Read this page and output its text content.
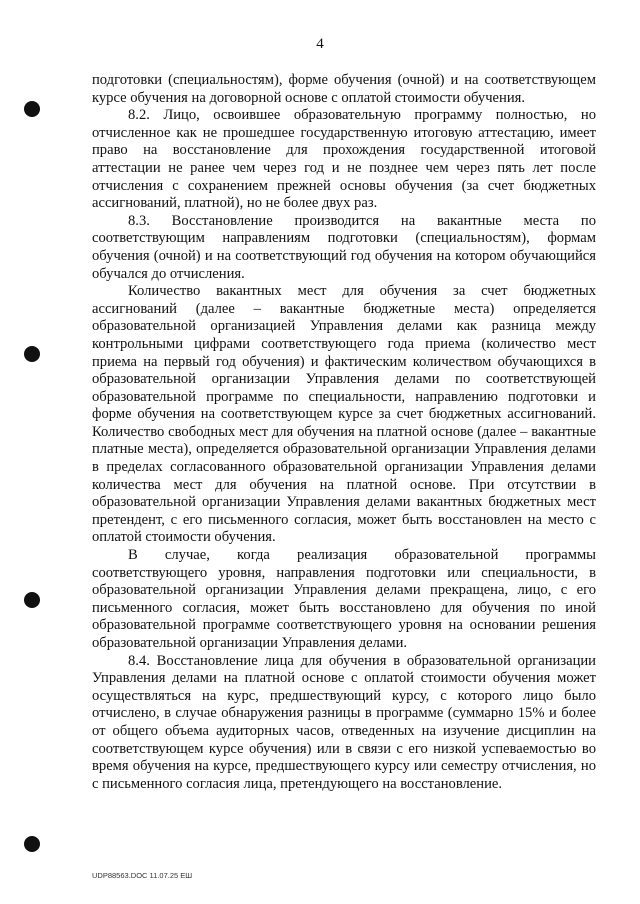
4

подготовки (специальностям), форме обучения (очной) и на соответствующем курсе обучения на договорной основе с оплатой стоимости обучения.

8.2. Лицо, освоившее образовательную программу полностью, но отчисленное как не прошедшее государственную итоговую аттестацию, имеет право на восстановление для прохождения государственной итоговой аттестации не ранее чем через год и не позднее чем через пять лет после отчисления с сохранением прежней основы обучения (за счет бюджетных ассигнований, платной), но не более двух раз.

8.3. Восстановление производится на вакантные места по соответствующим направлениям подготовки (специальностям), формам обучения (очной) и на соответствующий год обучения на котором обучающийся обучался до отчисления.

Количество вакантных мест для обучения за счет бюджетных ассигнований (далее – вакантные бюджетные места) определяется образовательной организацией Управления делами как разница между контрольными цифрами соответствующего года приема (количество мест приема на первый год обучения) и фактическим количеством обучающихся в образовательной организации Управления делами по соответствующей образовательной программе по специальности, направлению подготовки и форме обучения на соответствующем курсе за счет бюджетных ассигнований. Количество свободных мест для обучения на платной основе (далее – вакантные платные места), определяется образовательной организации Управления делами в пределах согласованного образовательной организации Управления делами количества мест для обучения на платной основе. При отсутствии в образовательной организации Управления делами вакантных бюджетных мест претендент, с его письменного согласия, может быть восстановлен на место с оплатой стоимости обучения.

В случае, когда реализация образовательной программы соответствующего уровня, направления подготовки или специальности, в образовательной организации Управления делами прекращена, лицо, с его письменного согласия, может быть восстановлено для обучения по иной образовательной программе соответствующего уровня на основании решения образовательной организации Управления делами.

8.4. Восстановление лица для обучения в образовательной организации Управления делами на платной основе с оплатой стоимости обучения может осуществляться на курс, предшествующий курсу, с которого лицо было отчислено, в случае обнаружения разницы в программе (суммарно 15% и более от общего объема аудиторных часов, отведенных на изучение дисциплин на соответствующем курсе обучения) или в связи с его низкой успеваемостью во время обучения на курсе, предшествующего курсу или семестру отчисления, но с письменного согласия лица, претендующего на восстановление.

UDP88563.DOC 11.07.25 ЕШ
